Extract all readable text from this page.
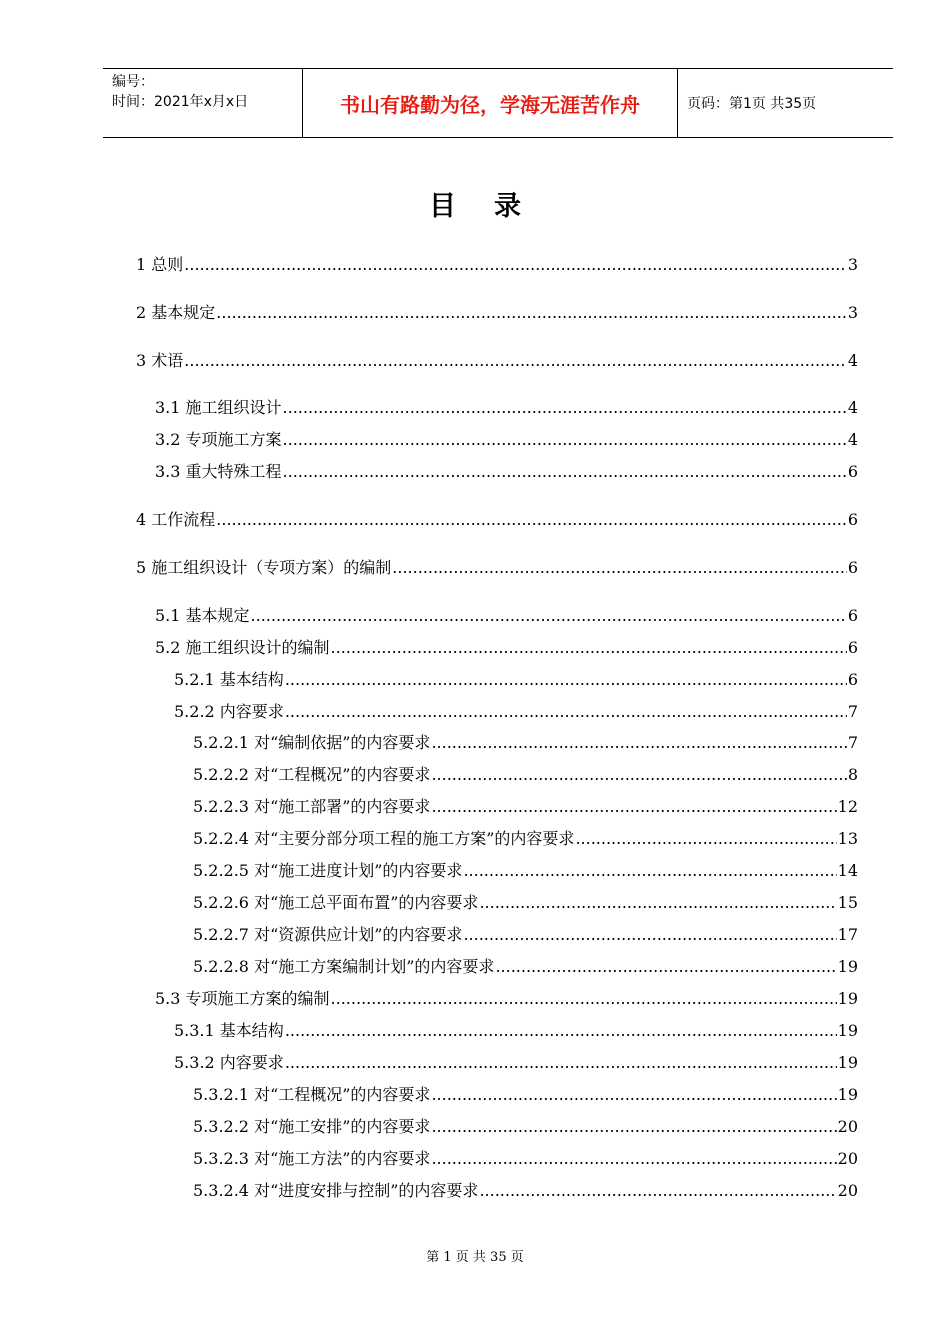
编号：
时间：2021年x月x日	书山有路勤为径，学海无涯苦作舟	页码：第1页 共35页
目录
1 总则 .....	3
2 基本规定 .....	3
3 术语 .....	4
3.1 施工组织设计 .....	4
3.2 专项施工方案 .....	4
3.3 重大特殊工程 .....	6
4 工作流程 .....	6
5 施工组织设计（专项方案）的编制 .....	6
5.1 基本规定 .....	6
5.2 施工组织设计的编制 .....	6
5.2.1 基本结构 .....	6
5.2.2 内容要求 .....	7
5.2.2.1 对“编制依据”的内容要求 .....	7
5.2.2.2 对“工程概况”的内容要求 .....	8
5.2.2.3 对“施工部署”的内容要求 .....	12
5.2.2.4 对“主要分部分项工程的施工方案”的内容要求 .....	13
5.2.2.5 对“施工进度计划”的内容要求 .....	14
5.2.2.6 对“施工总平面布置”的内容要求 .....	15
5.2.2.7 对“资源供应计划”的内容要求 .....	17
5.2.2.8 对“施工方案编制计划”的内容要求 .....	19
5.3 专项施工方案的编制 .....	19
5.3.1 基本结构 .....	19
5.3.2 内容要求 .....	19
5.3.2.1 对“工程概况”的内容要求 .....	19
5.3.2.2 对“施工安排”的内容要求 .....	20
5.3.2.3 对“施工方法”的内容要求 .....	20
5.3.2.4 对“进度安排与控制”的内容要求 .....	20
第 1 页 共 35 页
